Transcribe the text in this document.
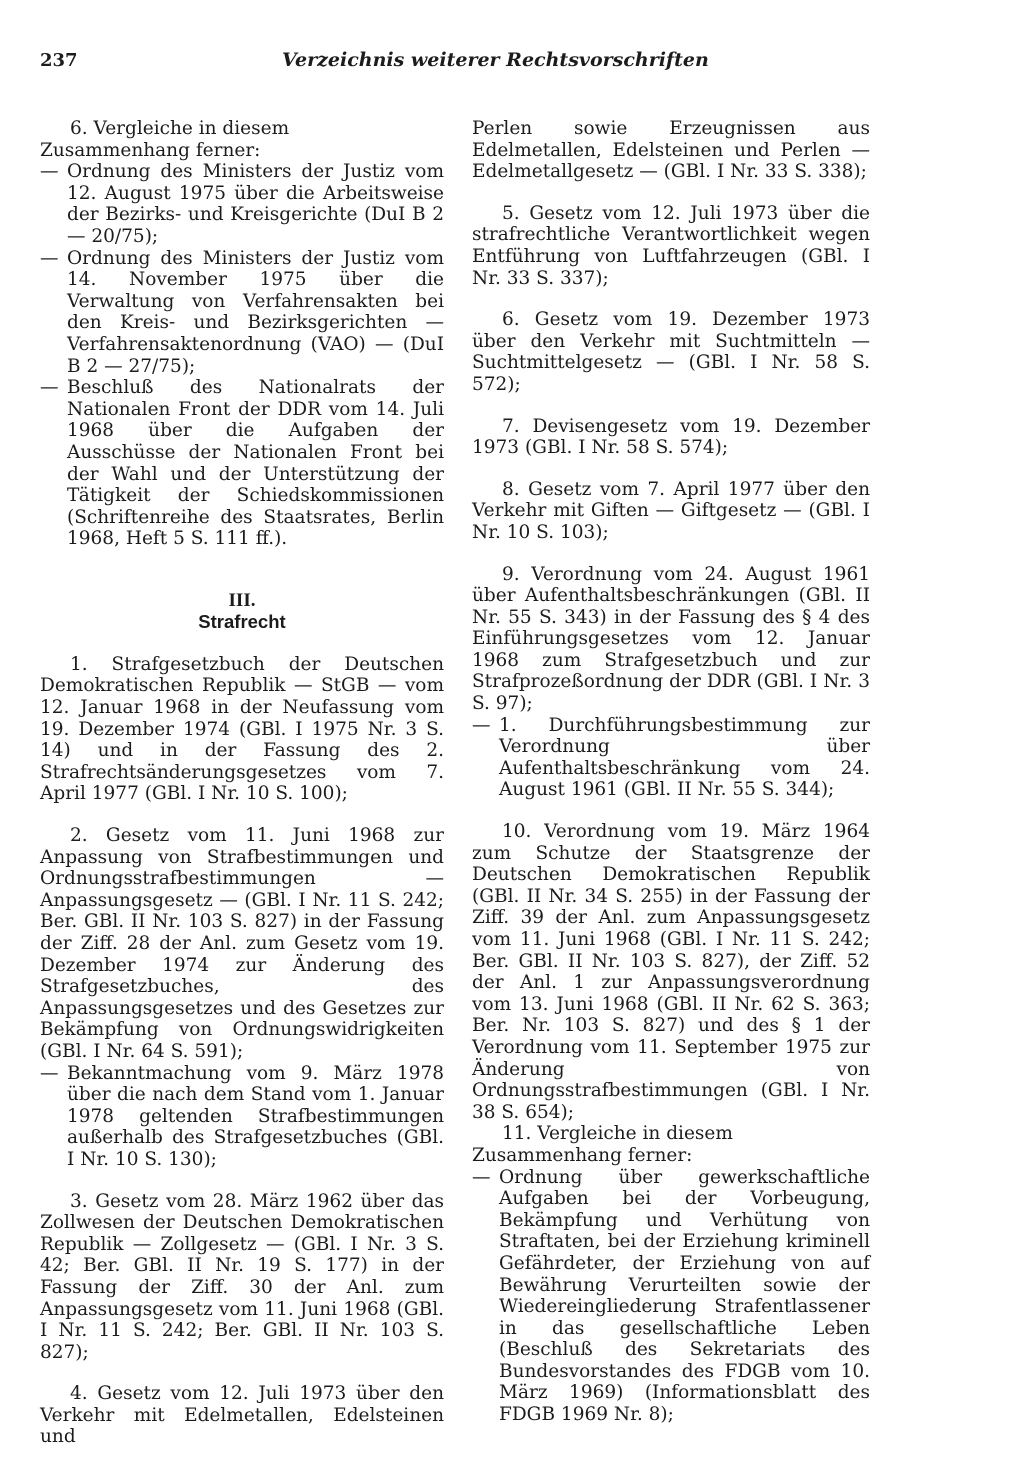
237	Verzeichnis weiterer Rechtsvorschriften

6. Vergleiche in diesem Zusammenhang ferner:

— Ordnung des Ministers der Justiz vom 12. August 1975 über die Arbeitsweise der Bezirks- und Kreisgerichte (DuI B 2 — 20/75);

— Ordnung des Ministers der Justiz vom 14. November 1975 über die Verwaltung von Verfahrensakten bei den Kreis- und Bezirksgerichten — Verfahrensaktenordnung (VAO) — (DuI B 2 — 27/75);

— Beschluß des Nationalrats der Nationalen Front der DDR vom 14. Juli 1968 über die Aufgaben der Ausschüsse der Nationalen Front bei der Wahl und der Unterstützung der Tätigkeit der Schiedskommissionen (Schriftenreihe des Staatsrates, Berlin 1968, Heft 5 S. 111 ff.).

III.
Strafrecht

1. Strafgesetzbuch der Deutschen Demokratischen Republik — StGB — vom 12. Januar 1968 in der Neufassung vom 19. Dezember 1974 (GBl. I 1975 Nr. 3 S. 14) und in der Fassung des 2. Strafrechtsänderungsgesetzes vom 7. April 1977 (GBl. I Nr. 10 S. 100);

2. Gesetz vom 11. Juni 1968 zur Anpassung von Strafbestimmungen und Ordnungsstrafbestimmungen — Anpassungsgesetz — (GBl. I Nr. 11 S. 242; Ber. GBl. II Nr. 103 S. 827) in der Fassung der Ziff. 28 der Anl. zum Gesetz vom 19. Dezember 1974 zur Änderung des Strafgesetzbuches, des Anpassungsgesetzes und des Gesetzes zur Bekämpfung von Ordnungswidrigkeiten (GBl. I Nr. 64 S. 591);

— Bekanntmachung vom 9. März 1978 über die nach dem Stand vom 1. Januar 1978 geltenden Strafbestimmungen außerhalb des Strafgesetzbuches (GBl. I Nr. 10 S. 130);

3. Gesetz vom 28. März 1962 über das Zollwesen der Deutschen Demokratischen Republik — Zollgesetz — (GBl. I Nr. 3 S. 42; Ber. GBl. II Nr. 19 S. 177) in der Fassung der Ziff. 30 der Anl. zum Anpassungsgesetz vom 11. Juni 1968 (GBl. I Nr. 11 S. 242; Ber. GBl. II Nr. 103 S. 827);

4. Gesetz vom 12. Juli 1973 über den Verkehr mit Edelmetallen, Edelsteinen und

Perlen sowie Erzeugnissen aus Edelmetallen, Edelsteinen und Perlen — Edelmetallgesetz — (GBl. I Nr. 33 S. 338);

5. Gesetz vom 12. Juli 1973 über die strafrechtliche Verantwortlichkeit wegen Entführung von Luftfahrzeugen (GBl. I Nr. 33 S. 337);

6. Gesetz vom 19. Dezember 1973 über den Verkehr mit Suchtmitteln — Suchtmittelgesetz — (GBl. I Nr. 58 S. 572);

7. Devisengesetz vom 19. Dezember 1973 (GBl. I Nr. 58 S. 574);

8. Gesetz vom 7. April 1977 über den Verkehr mit Giften — Giftgesetz — (GBl. I Nr. 10 S. 103);

9. Verordnung vom 24. August 1961 über Aufenthaltsbeschränkungen (GBl. II Nr. 55 S. 343) in der Fassung des § 4 des Einführungsgesetzes vom 12. Januar 1968 zum Strafgesetzbuch und zur Strafprozeßordnung der DDR (GBl. I Nr. 3 S. 97);

— 1. Durchführungsbestimmung zur Verordnung über Aufenthaltsbeschränkung vom 24. August 1961 (GBl. II Nr. 55 S. 344);

10. Verordnung vom 19. März 1964 zum Schutze der Staatsgrenze der Deutschen Demokratischen Republik (GBl. II Nr. 34 S. 255) in der Fassung der Ziff. 39 der Anl. zum Anpassungsgesetz vom 11. Juni 1968 (GBl. I Nr. 11 S. 242; Ber. GBl. II Nr. 103 S. 827), der Ziff. 52 der Anl. 1 zur Anpassungsverordnung vom 13. Juni 1968 (GBl. II Nr. 62 S. 363; Ber. Nr. 103 S. 827) und des § 1 der Verordnung vom 11. September 1975 zur Änderung von Ordnungsstrafbestimmungen (GBl. I Nr. 38 S. 654);

11. Vergleiche in diesem Zusammenhang ferner:

— Ordnung über gewerkschaftliche Aufgaben bei der Vorbeugung, Bekämpfung und Verhütung von Straftaten, bei der Erziehung kriminell Gefährdeter, der Erziehung von auf Bewährung Verurteilten sowie der Wiedereingliederung Strafentlassener in das gesellschaftliche Leben (Beschluß des Sekretariats des Bundesvorstandes des FDGB vom 10. März 1969) (Informationsblatt des FDGB 1969 Nr. 8);
